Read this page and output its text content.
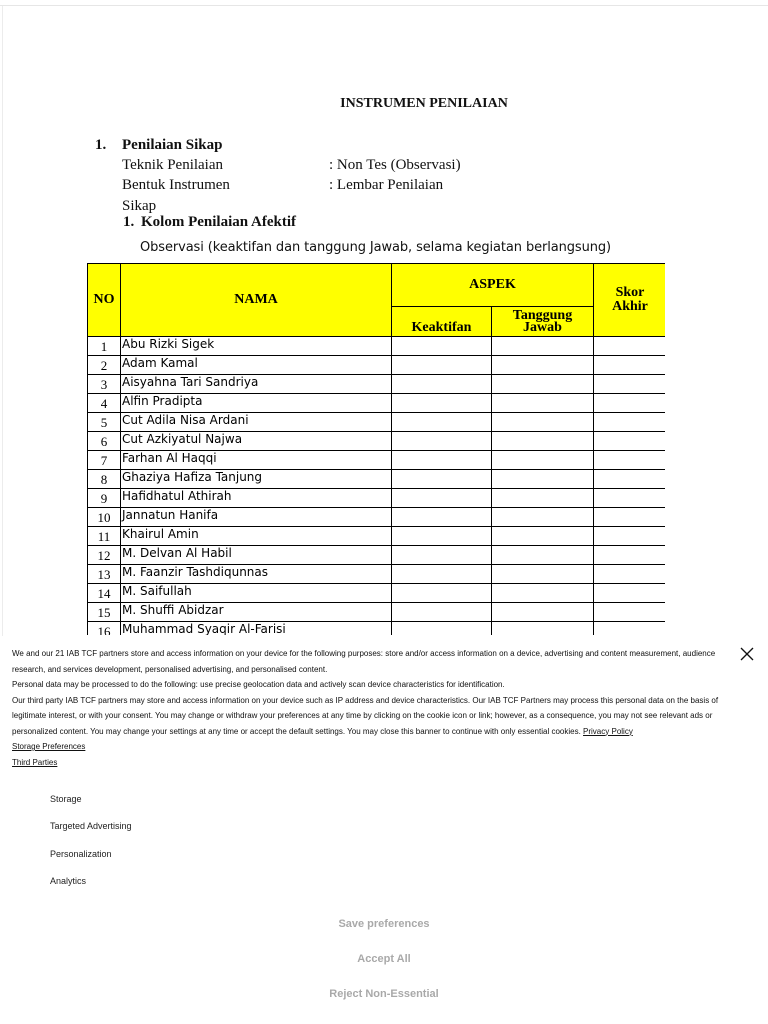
INSTRUMEN PENILAIAN
1. Penilaian Sikap
Teknik Penilaian	: Non Tes (Observasi)
Bentuk Instrumen	: Lembar Penilaian
Sikap
1. Kolom Penilaian Afektif
Observasi (keaktifan dan tanggung Jawab, selama kegiatan berlangsung)
NO	NAMA	ASPEK		Skor
Akhir

		Keaktifan	Tanggung
Jawab	

1	Abu Rizki Sigek			
2	Adam Kamal			
3	Aisyahna Tari Sandriya			
4	Alfin Pradipta			
5	Cut Adila Nisa Ardani			
6	Cut Azkiyatul Najwa			
7	Farhan Al Haqqi			
8	Ghaziya Hafiza Tanjung			
9	Hafidhatul Athirah			
10	Jannatun Hanifa			
11	Khairul Amin			
12	M. Delvan Al Habil			
13	M. Faanzir Tashdiqunnas			
14	M. Saifullah			
15	M. Shuffi Abidzar			
16	Muhammad Syaqir Al-Farisi			

We and our 21 IAB TCF partners store and access information on your device for the following purposes: store and/or access information on a device, advertising and content measurement, audience research, and services development, personalised advertising, and personalised content.

Personal data may be processed to do the following: use precise geolocation data and actively scan device characteristics for identification.

Our third party IAB TCF partners may store and access information on your device such as IP address and device characteristics. Our IAB TCF Partners may process this personal data on the basis of legitimate interest, or with your consent. You may change or withdraw your preferences at any time by clicking on the cookie icon or link; however, as a consequence, you may not see relevant ads or personalized content. You may change your settings at any time or accept the default settings. You may close this banner to continue with only essential cookies. Privacy Policy

Storage Preferences

Third Parties

Storage
Targeted Advertising
Personalization
Analytics
Save preferences
Accept All
Reject Non-Essential
